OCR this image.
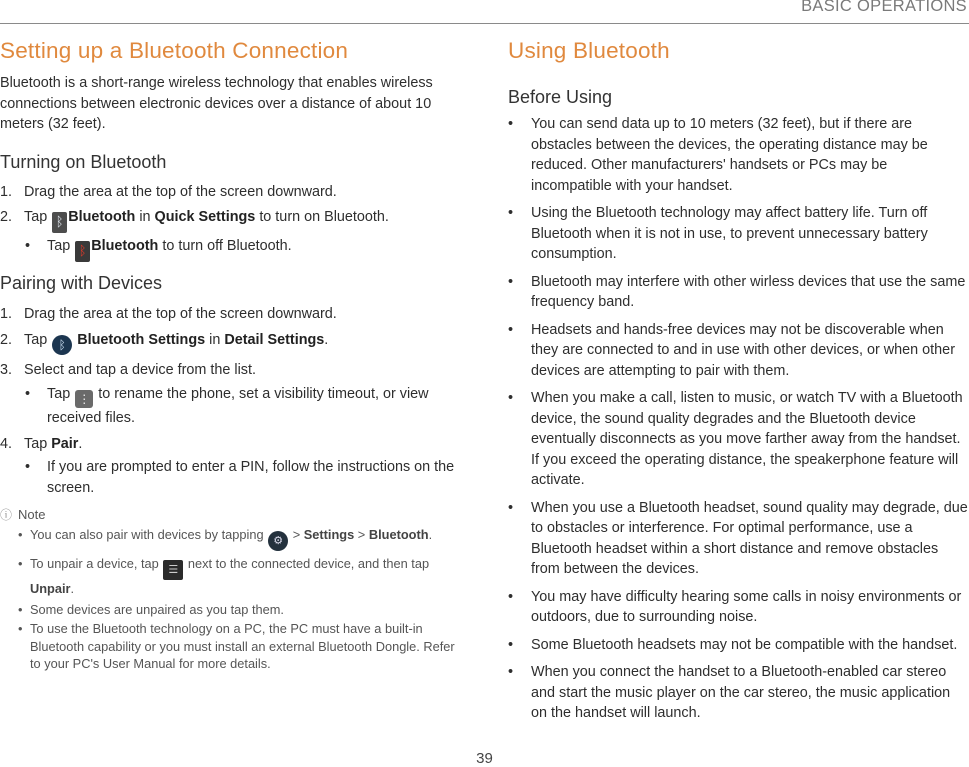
BASIC OPERATIONS
Setting up a Bluetooth Connection

Bluetooth is a short-range wireless technology that enables wireless connections between electronic devices over a distance of about 10 meters (32 feet).

Turning on Bluetooth
1. Drag the area at the top of the screen downward.
2. Tap ᛒ Bluetooth in Quick Settings to turn on Bluetooth.
• Tap ᛒ Bluetooth to turn off Bluetooth.
Pairing with Devices
1. Drag the area at the top of the screen downward.
2. Tap ᛒ Bluetooth Settings in Detail Settings.
3. Select and tap a device from the list.
• Tap ⋮ to rename the phone, set a visibility timeout, or view received files.
4. Tap Pair.
• If you are prompted to enter a PIN, follow the instructions on the screen.
ⓘ Note
• You can also pair with devices by tapping ⚙ > Settings > Bluetooth.
• To unpair a device, tap ☰ next to the connected device, and then tap Unpair.
• Some devices are unpaired as you tap them.
• To use the Bluetooth technology on a PC, the PC must have a built-in Bluetooth capability or you must install an external Bluetooth Dongle. Refer to your PC's User Manual for more details.
Using Bluetooth
Before Using
• You can send data up to 10 meters (32 feet), but if there are obstacles between the devices, the operating distance may be reduced. Other manufacturers' handsets or PCs may be incompatible with your handset.
• Using the Bluetooth technology may affect battery life. Turn off Bluetooth when it is not in use, to prevent unnecessary battery consumption.
• Bluetooth may interfere with other wirless devices that use the same frequency band.
• Headsets and hands-free devices may not be discoverable when they are connected to and in use with other devices, or when other devices are attempting to pair with them.
• When you make a call, listen to music, or watch TV with a Bluetooth device, the sound quality degrades and the Bluetooth device eventually disconnects as you move farther away from the handset. If you exceed the operating distance, the speakerphone feature will activate.
• When you use a Bluetooth headset, sound quality may degrade, due to obstacles or interference. For optimal performance, use a Bluetooth headset within a short distance and remove obstacles from between the devices.
• You may have difficulty hearing some calls in noisy environments or outdoors, due to surrounding noise.
• Some Bluetooth headsets may not be compatible with the handset.
• When you connect the handset to a Bluetooth-enabled car stereo and start the music player on the car stereo, the music application on the handset will launch.
39
